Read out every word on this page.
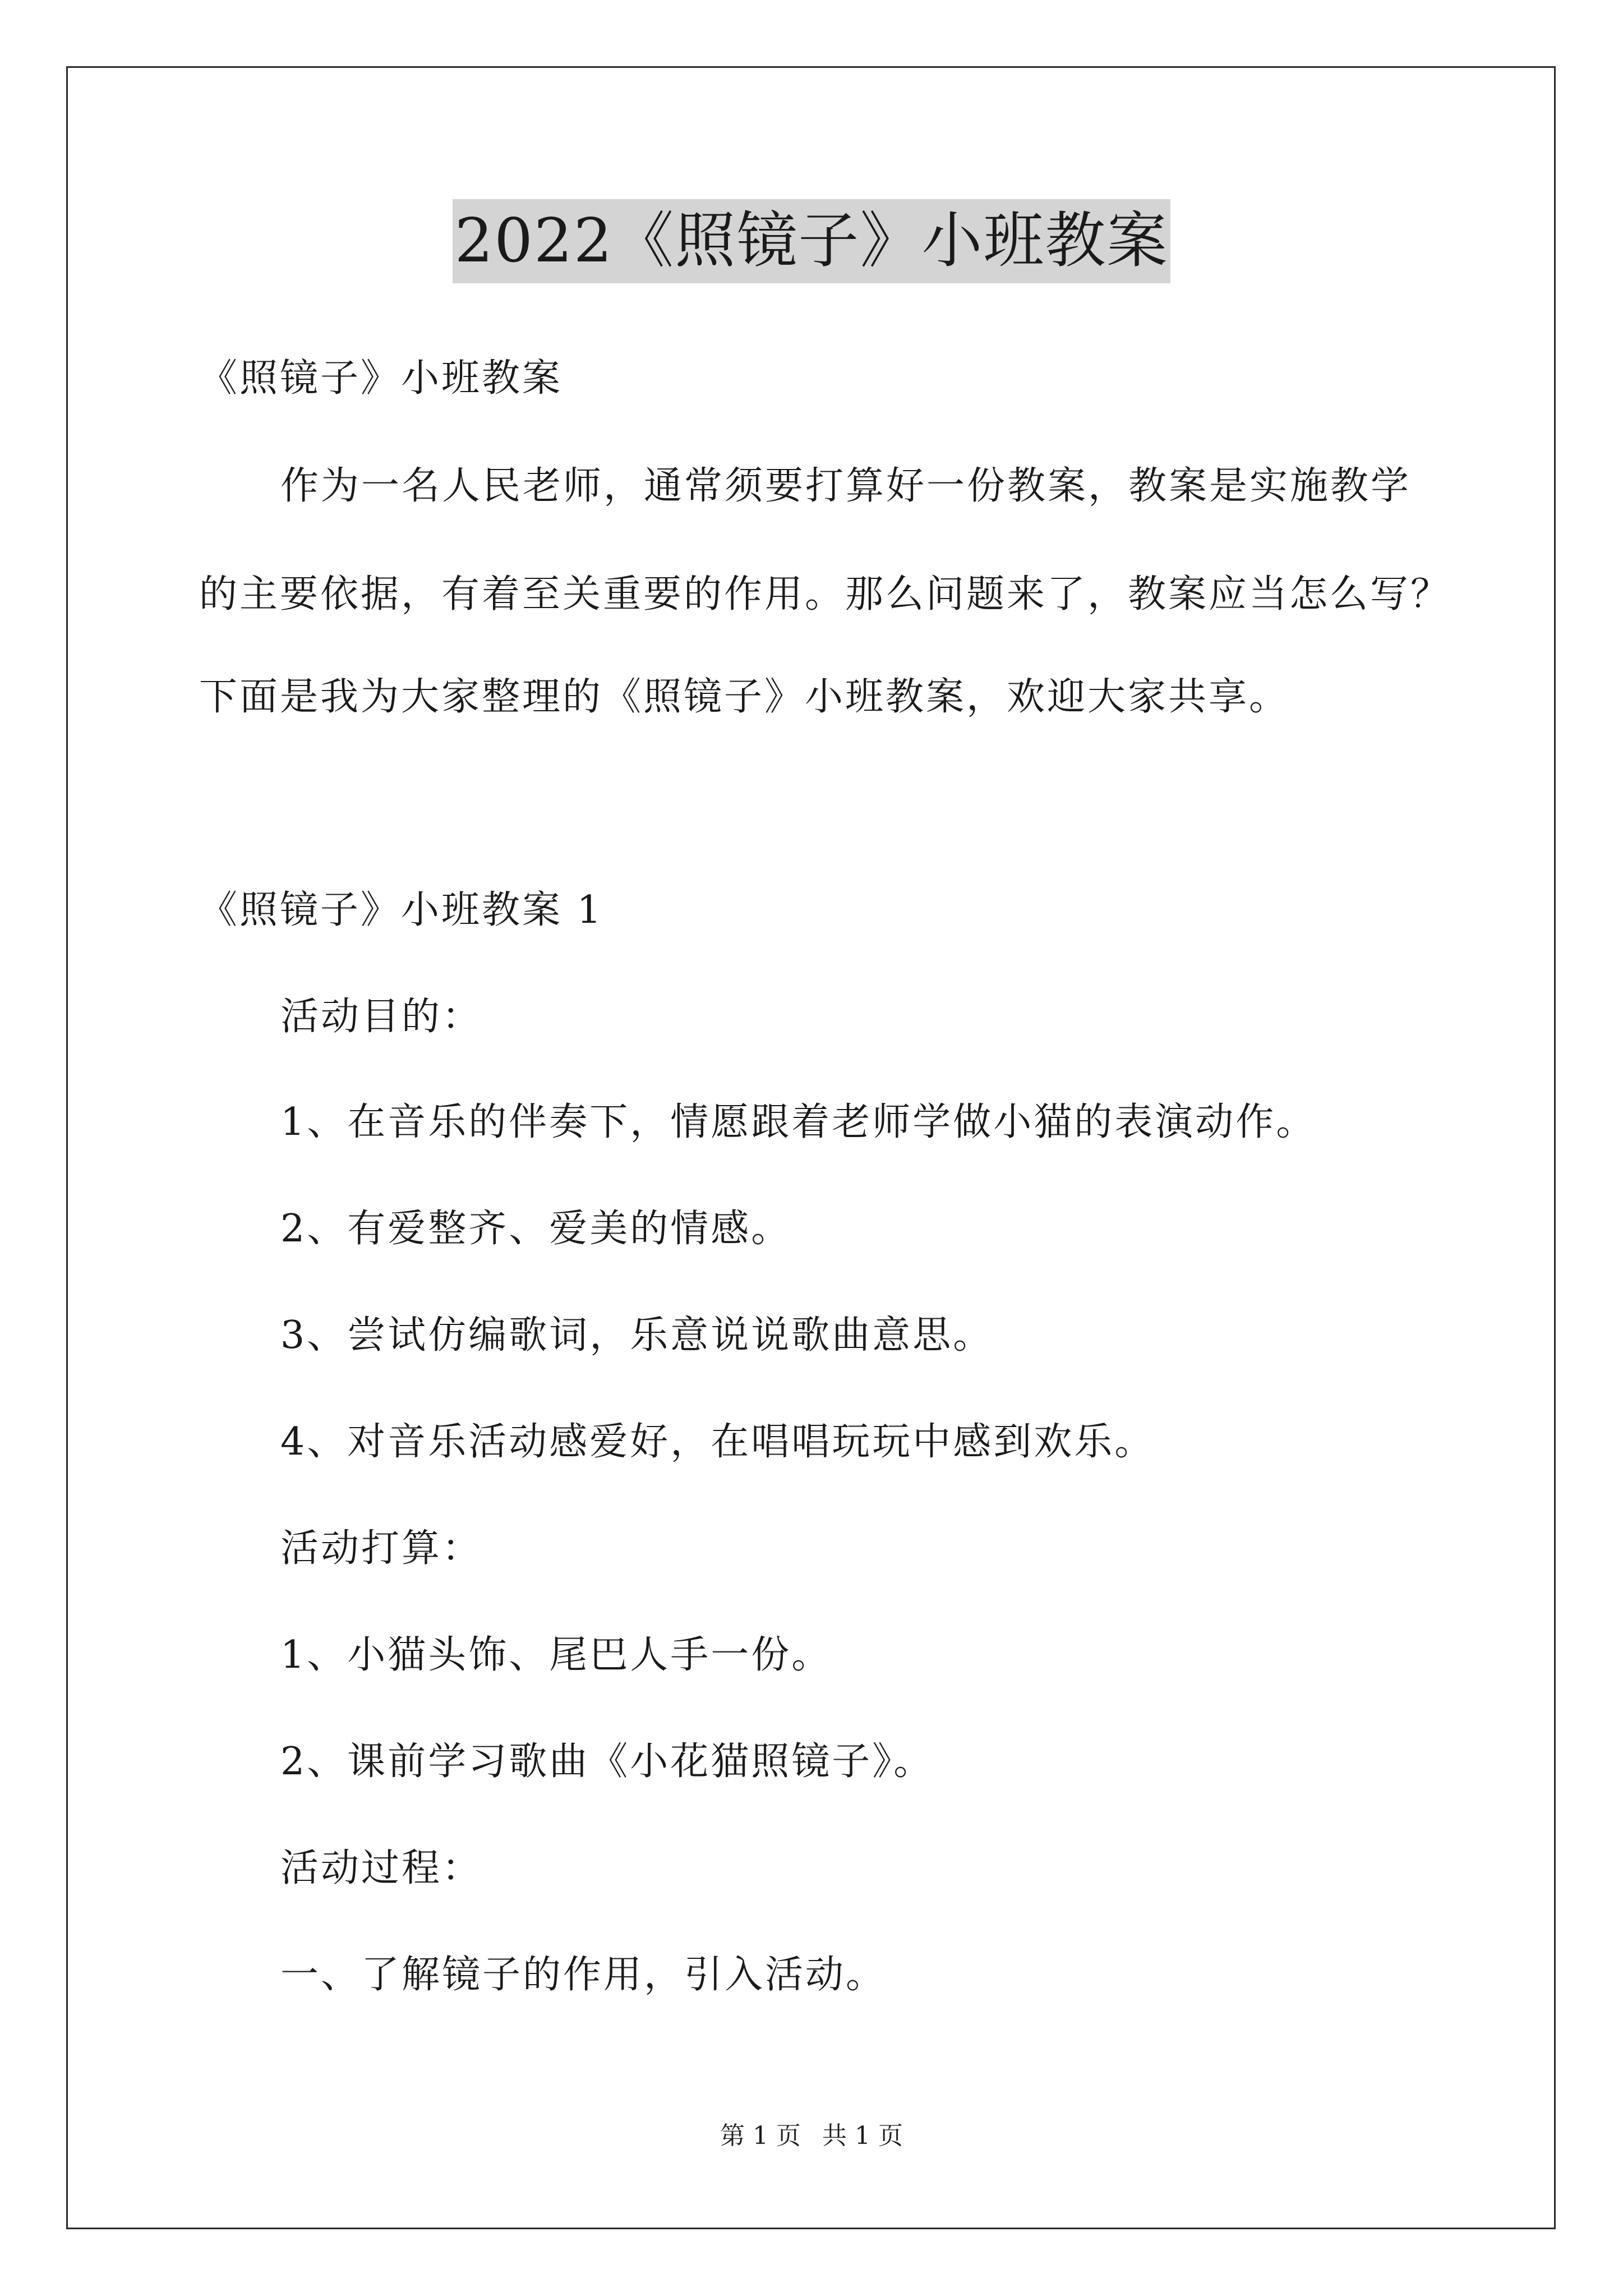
2022《照镜子》小班教案
《照镜子》小班教案
作为一名人民老师，通常须要打算好一份教案，教案是实施教学
的主要依据，有着至关重要的作用。那么问题来了，教案应当怎么写？
下面是我为大家整理的《照镜子》小班教案，欢迎大家共享。
《照镜子》小班教案 1
活动目的：
1、在音乐的伴奏下，情愿跟着老师学做小猫的表演动作。
2、有爱整齐、爱美的情感。
3、尝试仿编歌词，乐意说说歌曲意思。
4、对音乐活动感爱好，在唱唱玩玩中感到欢乐。
活动打算：
1、小猫头饰、尾巴人手一份。
2、课前学习歌曲《小花猫照镜子》。
活动过程：
一、了解镜子的作用，引入活动。
第 1 页 共 1 页
